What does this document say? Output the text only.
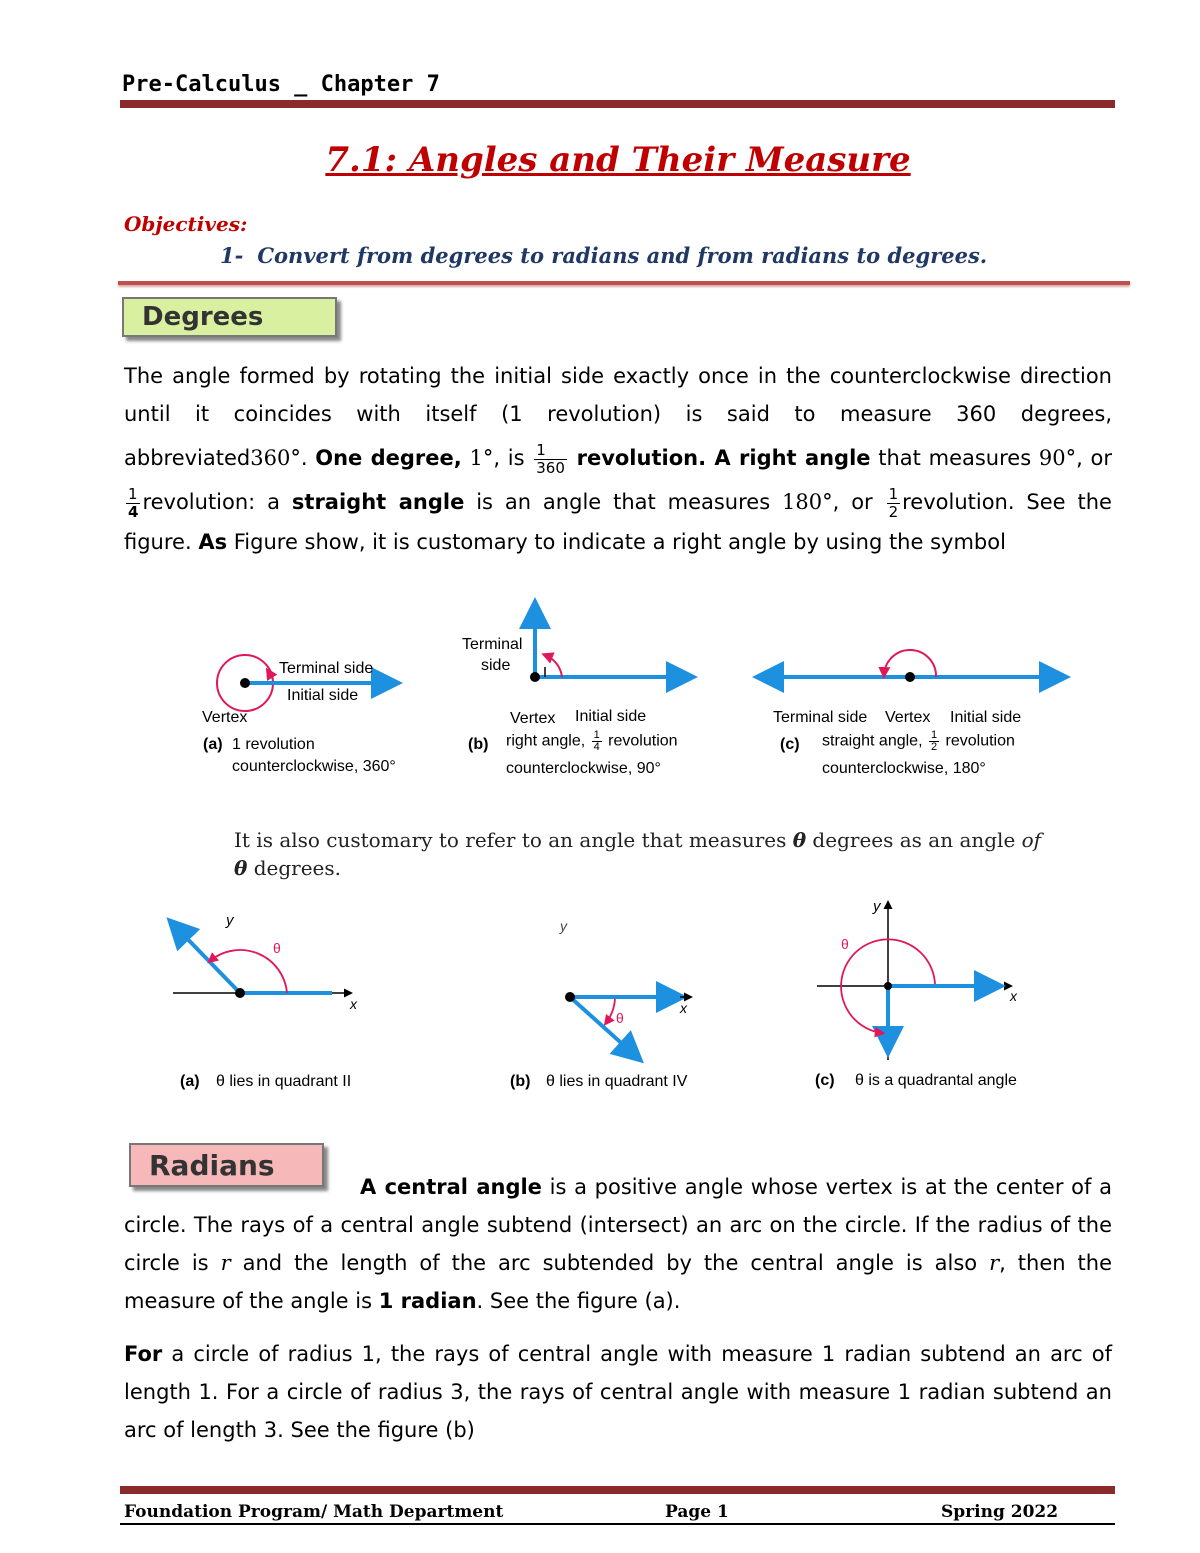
Pre-Calculus _ Chapter 7
7.1: Angles and Their Measure
Objectives:
1- Convert from degrees to radians and from radians to degrees.
Degrees
The angle formed by rotating the initial side exactly once in the counterclockwise direction until it coincides with itself (1 revolution) is said to measure 360 degrees,
abbreviated360°. One degree, 1°, is $\frac{1}{360}$ revolution. A right angle that measures 90°, or
$\frac{1}{4}$ revolution: a straight angle is an angle that measures 180°, or $\frac{1}{2}$ revolution. See the
figure. As Figure show, it is customary to indicate a right angle by using the symbol
Terminal side
Initial side
Vertex
(a) 1 revolution
counterclockwise, 360°
Terminal
side
Vertex Initial side
(b) right angle, $\frac{1}{4}$ revolution
counterclockwise, 90°
Terminal side Vertex Initial side
(c) straight angle, $\frac{1}{2}$ revolution
counterclockwise, 180°
It is also customary to refer to an angle that measures θ degrees as an angle of
θ degrees.
y
x
θ
(a) θ lies in quadrant II
y
x
θ
(b) θ lies in quadrant IV
y
x
θ
(c) θ is a quadrantal angle
Radians
A central angle is a positive angle whose vertex is at the center of a circle. The rays of a central angle subtend (intersect) an arc on the circle. If the radius of the circle is r and the length of the arc subtended by the central angle is also r, then the measure of the angle is 1 radian. See the figure (a).
For a circle of radius 1, the rays of central angle with measure 1 radian subtend an arc of length 1. For a circle of radius 3, the rays of central angle with measure 1 radian subtend an arc of length 3. See the figure (b)
Foundation Program/ Math Department	Page 1	Spring 2022
